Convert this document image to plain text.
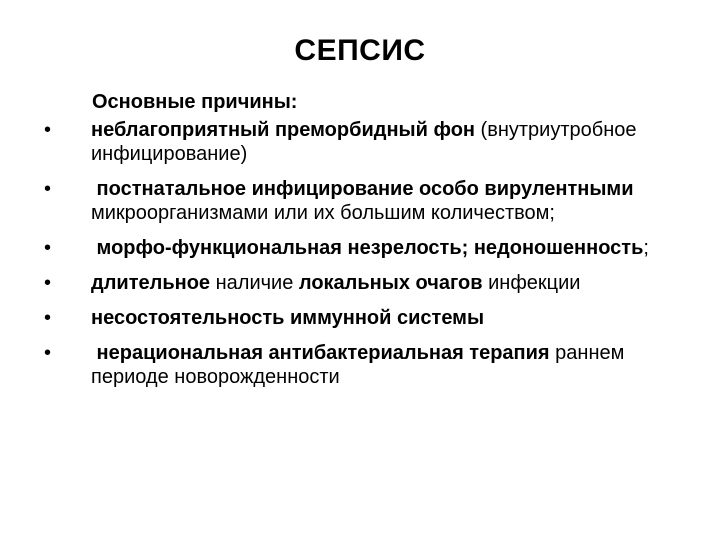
СЕПСИС
Основные причины:
• неблагоприятный преморбидный фон (внутриутробное инфицирование)
• постнатальное инфицирование особо вирулентными микроорганизмами или их большим количеством;
• морфо-функциональная незрелость; недоношенность;
• длительное наличие локальных очагов инфекции
• несостоятельность иммунной системы
• нерациональная антибактериальная терапия раннем периоде новорожденности
